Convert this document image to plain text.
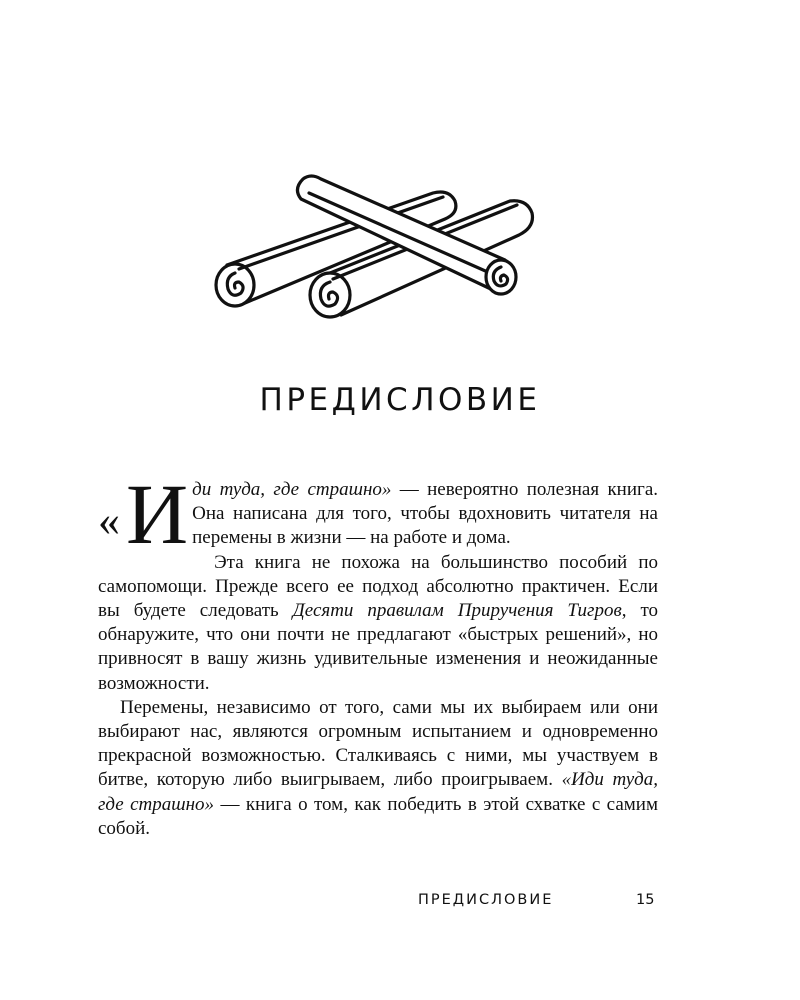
ПРЕДИСЛОВИЕ

« И ди туда, где страшно» — невероятно полезная книга. Она написана для того, чтобы вдохновить читателя на перемены в жизни — на работе и дома.

Эта книга не похожа на большинство пособий по самопомощи. Прежде всего ее подход абсолютно практичен. Если вы будете следовать Десяти правилам Приручения Тигров, то обнаружите, что они почти не предлагают «быстрых решений», но привносят в вашу жизнь удивительные изменения и неожиданные возможности.

Перемены, независимо от того, сами мы их выбираем или они выбирают нас, являются огромным испытанием и одновременно прекрасной возможностью. Сталкиваясь с ними, мы участвуем в битве, которую либо выигрываем, либо проигрываем. «Иди туда, где страшно» — книга о том, как победить в этой схватке с самим собой.

ПРЕДИСЛОВИЕ	15
